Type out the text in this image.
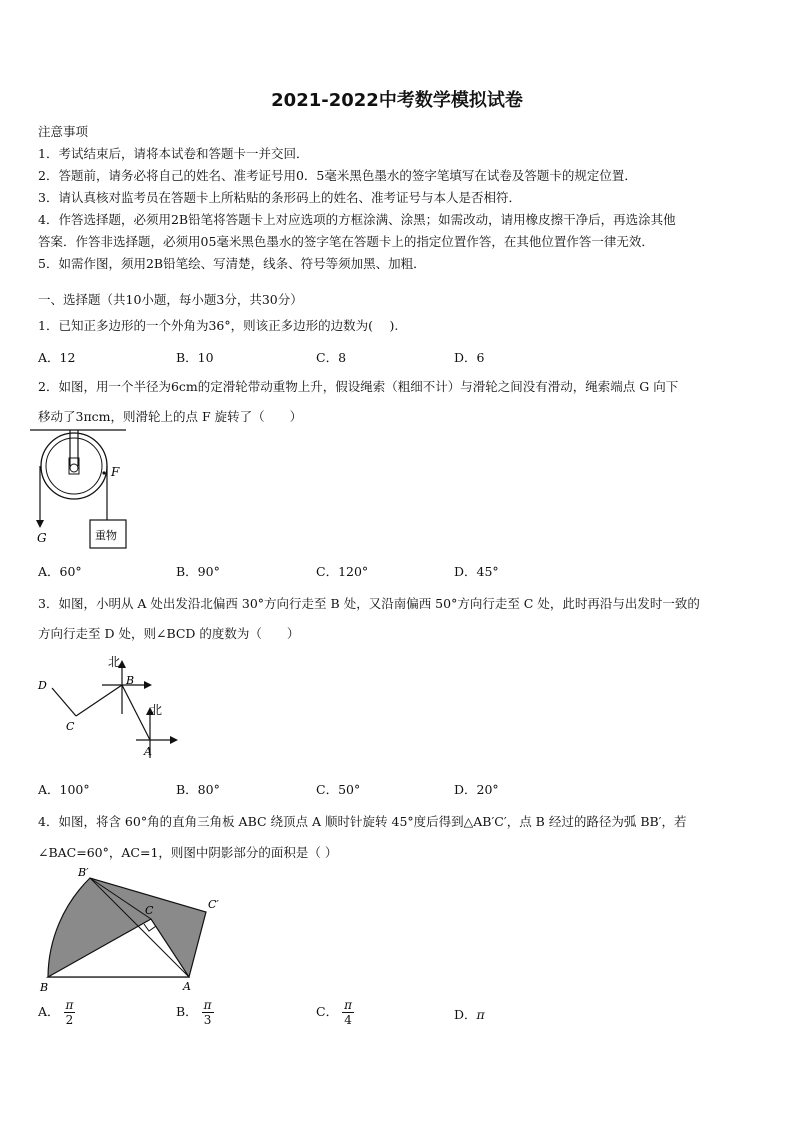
2021-2022中考数学模拟试卷
注意事项
1．考试结束后，请将本试卷和答题卡一并交回．
2．答题前，请务必将自己的姓名、准考证号用0．5毫米黑色墨水的签字笔填写在试卷及答题卡的规定位置．
3．请认真核对监考员在答题卡上所粘贴的条形码上的姓名、准考证号与本人是否相符．
4．作答选择题，必须用2B铅笔将答题卡上对应选项的方框涂满、涂黑；如需改动，请用橡皮擦干净后，再选涂其他
答案．作答非选择题，必须用05毫米黑色墨水的签字笔在答题卡上的指定位置作答，在其他位置作答一律无效．
5．如需作图，须用2B铅笔绘、写清楚，线条、符号等须加黑、加粗．
一、选择题（共10小题，每小题3分，共30分）
1．已知正多边形的一个外角为36°，则该正多边形的边数为(　 ).
A．12	B．10	C．8	D．6
2．如图，用一个半径为6cm的定滑轮带动重物上升，假设绳索（粗细不计）与滑轮之间没有滑动，绳索端点 G 向下
移动了3πcm，则滑轮上的点 F 旋转了（　　）
F
G	重物
A．60°	B．90°	C．120°	D．45°
3．如图，小明从 A 处出发沿北偏西 30°方向行走至 B 处，又沿南偏西 50°方向行走至 C 处，此时再沿与出发时一致的
方向行走至 D 处，则∠BCD 的度数为（　　）
北
北
B
C
D
A
A．100°	B．80°	C．50°	D．20°
4．如图，将含 60°角的直角三角板 ABC 绕顶点 A 顺时针旋转 45°度后得到△AB′C′，点 B 经过的路径为弧 BB′，若
∠BAC=60°，AC=1，则图中阴影部分的面积是（ ）
B′
C′
C
B	A
A． $\frac{\pi}{2}$	B． $\frac{\pi}{3}$	C． $\frac{\pi}{4}$	D．π
